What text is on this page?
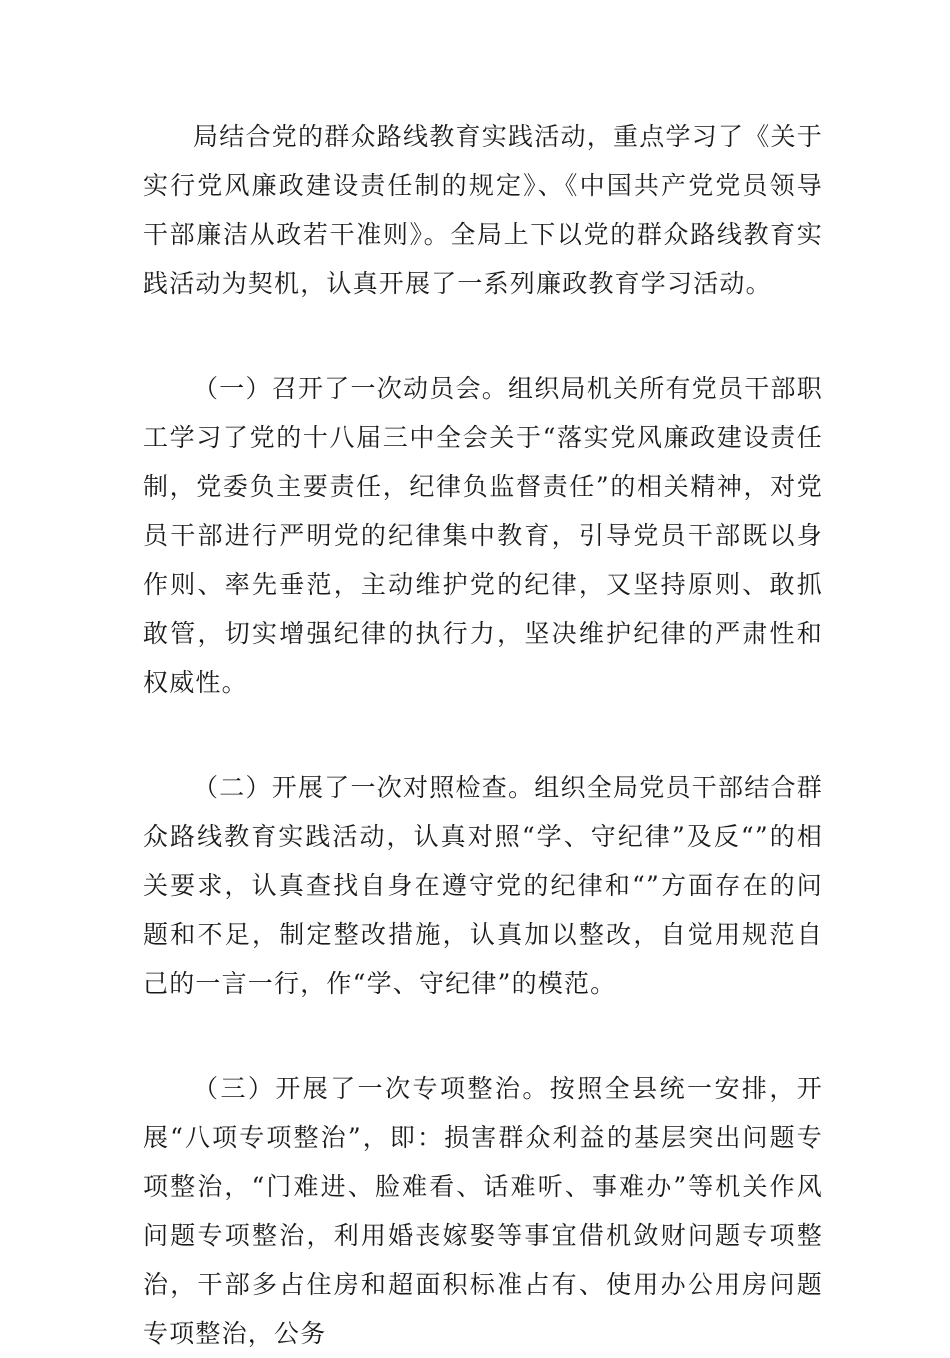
局结合党的群众路线教育实践活动，重点学习了《关于实行党风廉政建设责任制的规定》、《中国共产党党员领导干部廉洁从政若干准则》。全局上下以党的群众路线教育实践活动为契机，认真开展了一系列廉政教育学习活动。

（一）召开了一次动员会。组织局机关所有党员干部职工学习了党的十八届三中全会关于“落实党风廉政建设责任制，党委负主要责任，纪律负监督责任”的相关精神，对党员干部进行严明党的纪律集中教育，引导党员干部既以身作则、率先垂范，主动维护党的纪律，又坚持原则、敢抓敢管，切实增强纪律的执行力，坚决维护纪律的严肃性和权威性。

（二）开展了一次对照检查。组织全局党员干部结合群众路线教育实践活动，认真对照“学、守纪律”及反“”的相关要求，认真查找自身在遵守党的纪律和“”方面存在的问题和不足，制定整改措施，认真加以整改，自觉用规范自己的一言一行，作“学、守纪律”的模范。

（三）开展了一次专项整治。按照全县统一安排，开展“八项专项整治”，即：损害群众利益的基层突出问题专项整治，“门难进、脸难看、话难听、事难办”等机关作风问题专项整治，利用婚丧嫁娶等事宜借机敛财问题专项整治，干部多占住房和超面积标准占有、使用办公用房问题专项整治，公务
